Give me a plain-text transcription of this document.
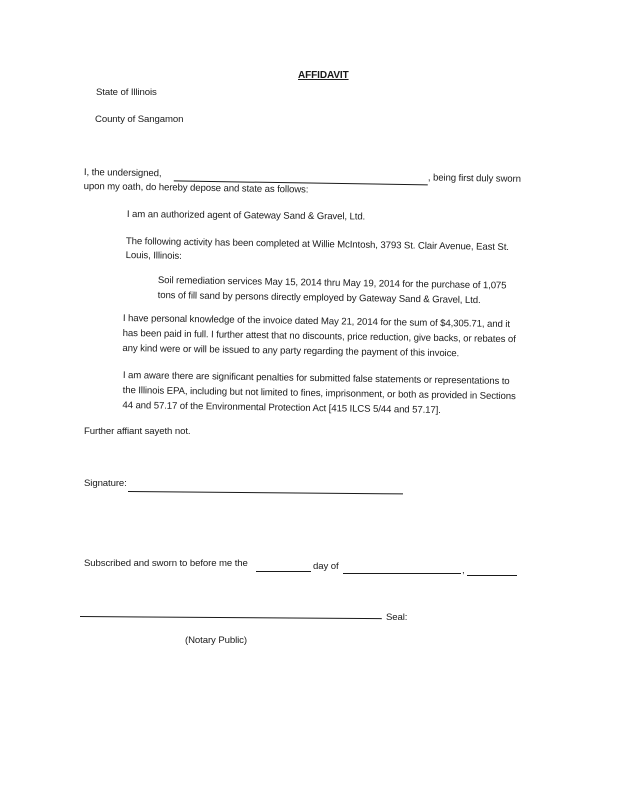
AFFIDAVIT
State of Illinois
County of Sangamon
I, the undersigned,	, being first duly sworn
upon my oath, do hereby depose and state as follows:
I am an authorized agent of Gateway Sand & Gravel, Ltd.
The following activity has been completed at Willie McIntosh, 3793 St. Clair Avenue, East St.
Louis, Illinois:
Soil remediation services May 15, 2014 thru May 19, 2014 for the purchase of 1,075
tons of fill sand by persons directly employed by Gateway Sand & Gravel, Ltd.
I have personal knowledge of the invoice dated May 21, 2014 for the sum of $4,305.71, and it
has been paid in full. I further attest that no discounts, price reduction, give backs, or rebates of
any kind were or will be issued to any party regarding the payment of this invoice.
I am aware there are significant penalties for submitted false statements or representations to
the Illinois EPA, including but not limited to fines, imprisonment, or both as provided in Sections
44 and 57.17 of the Environmental Protection Act [415 ILCS 5/44 and 57.17].
Further affiant sayeth not.
Signature:
Subscribed and sworn to before me the	day of	,
Seal:
(Notary Public)
